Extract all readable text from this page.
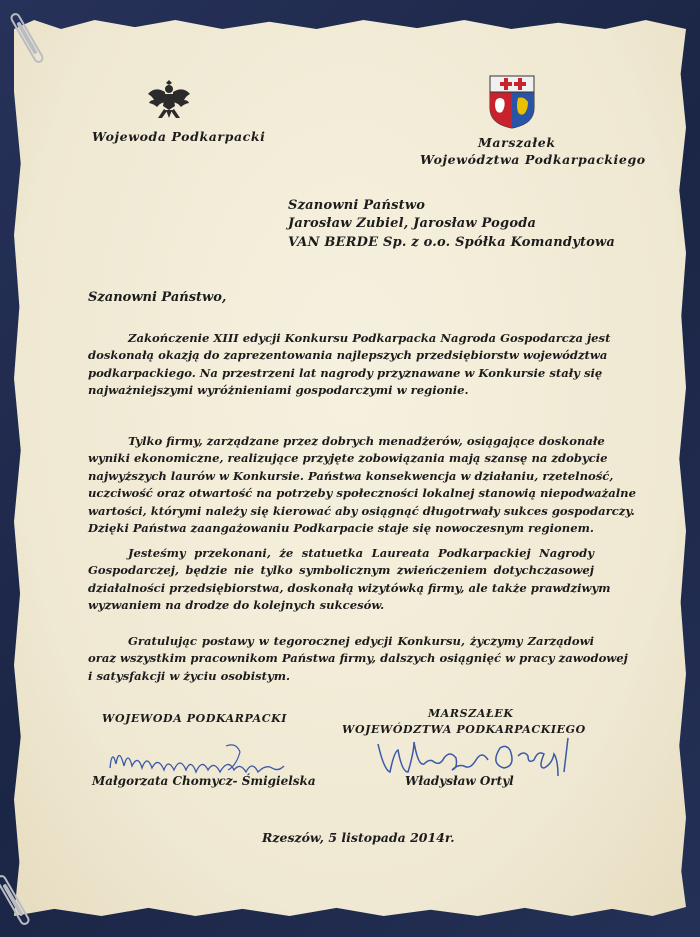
Wojewoda Podkarpacki	Marszałek
Województwa Podkarpackiego
Szanowni Państwo
Jarosław Zubiel, Jarosław Pogoda
VAN BERDE Sp. z o.o. Spółka Komandytowa
Szanowni Państwo,
Zakończenie XIII edycji Konkursu Podkarpacka Nagroda Gospodarcza jest
doskonałą okazją do zaprezentowania najlepszych przedsiębiorstw województwa
podkarpackiego. Na przestrzeni lat nagrody przyznawane w Konkursie stały się
najważniejszymi wyróżnieniami gospodarczymi w regionie.
Tylko firmy, zarządzane przez dobrych menadżerów, osiągające doskonałe
wyniki ekonomiczne, realizujące przyjęte zobowiązania mają szansę na zdobycie
najwyższych laurów w Konkursie. Państwa konsekwencja w działaniu, rzetelność,
uczciwość oraz otwartość na potrzeby społeczności lokalnej stanowią niepodważalne
wartości, którymi należy się kierować aby osiągnąć długotrwały sukces gospodarczy.
Dzięki Państwa zaangażowaniu Podkarpacie staje się nowoczesnym regionem.
Jesteśmy przekonani, że statuetka Laureata Podkarpackiej Nagrody
Gospodarczej, będzie nie tylko symbolicznym zwieńczeniem dotychczasowej
działalności przedsiębiorstwa, doskonałą wizytówką firmy, ale także prawdziwym
wyzwaniem na drodze do kolejnych sukcesów.
Gratulując postawy w tegorocznej edycji Konkursu, życzymy Zarządowi
oraz wszystkim pracownikom Państwa firmy, dalszych osiągnięć w pracy zawodowej
i satysfakcji w życiu osobistym.
WOJEWODA PODKARPACKI	MARSZAŁEK
WOJEWÓDZTWA PODKARPACKIEGO
Małgorzata Chomycz- Śmigielska	Władysław Ortyl
Rzeszów, 5 listopada 2014r.
